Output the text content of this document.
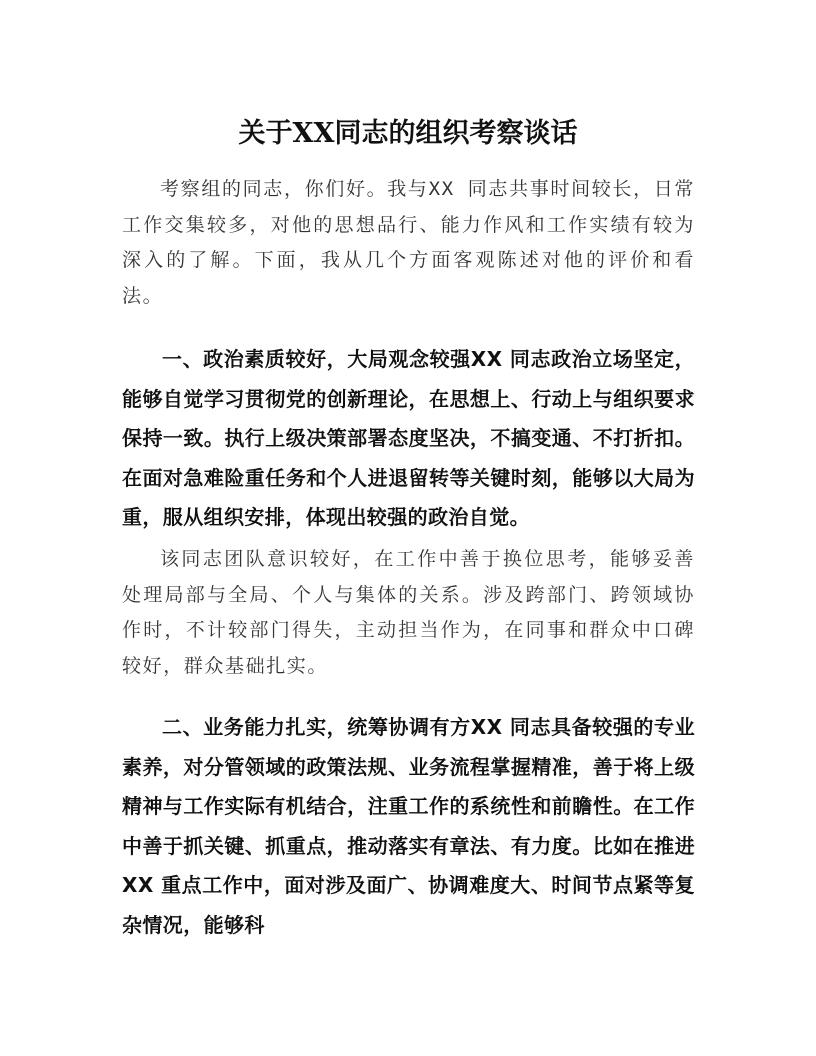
关于XX同志的组织考察谈话

考察组的同志，你们好。我与XX 同志共事时间较长，日常工作交集较多，对他的思想品行、能力作风和工作实绩有较为深入的了解。下面，我从几个方面客观陈述对他的评价和看法。

一、政治素质较好，大局观念较强XX 同志政治立场坚定，能够自觉学习贯彻党的创新理论，在思想上、行动上与组织要求保持一致。执行上级决策部署态度坚决，不搞变通、不打折扣。在面对急难险重任务和个人进退留转等关键时刻，能够以大局为重，服从组织安排，体现出较强的政治自觉。

该同志团队意识较好，在工作中善于换位思考，能够妥善处理局部与全局、个人与集体的关系。涉及跨部门、跨领域协作时，不计较部门得失，主动担当作为，在同事和群众中口碑较好，群众基础扎实。

二、业务能力扎实，统筹协调有方XX 同志具备较强的专业素养，对分管领域的政策法规、业务流程掌握精准，善于将上级精神与工作实际有机结合，注重工作的系统性和前瞻性。在工作中善于抓关键、抓重点，推动落实有章法、有力度。比如在推进XX 重点工作中，面对涉及面广、协调难度大、时间节点紧等复杂情况，能够科
